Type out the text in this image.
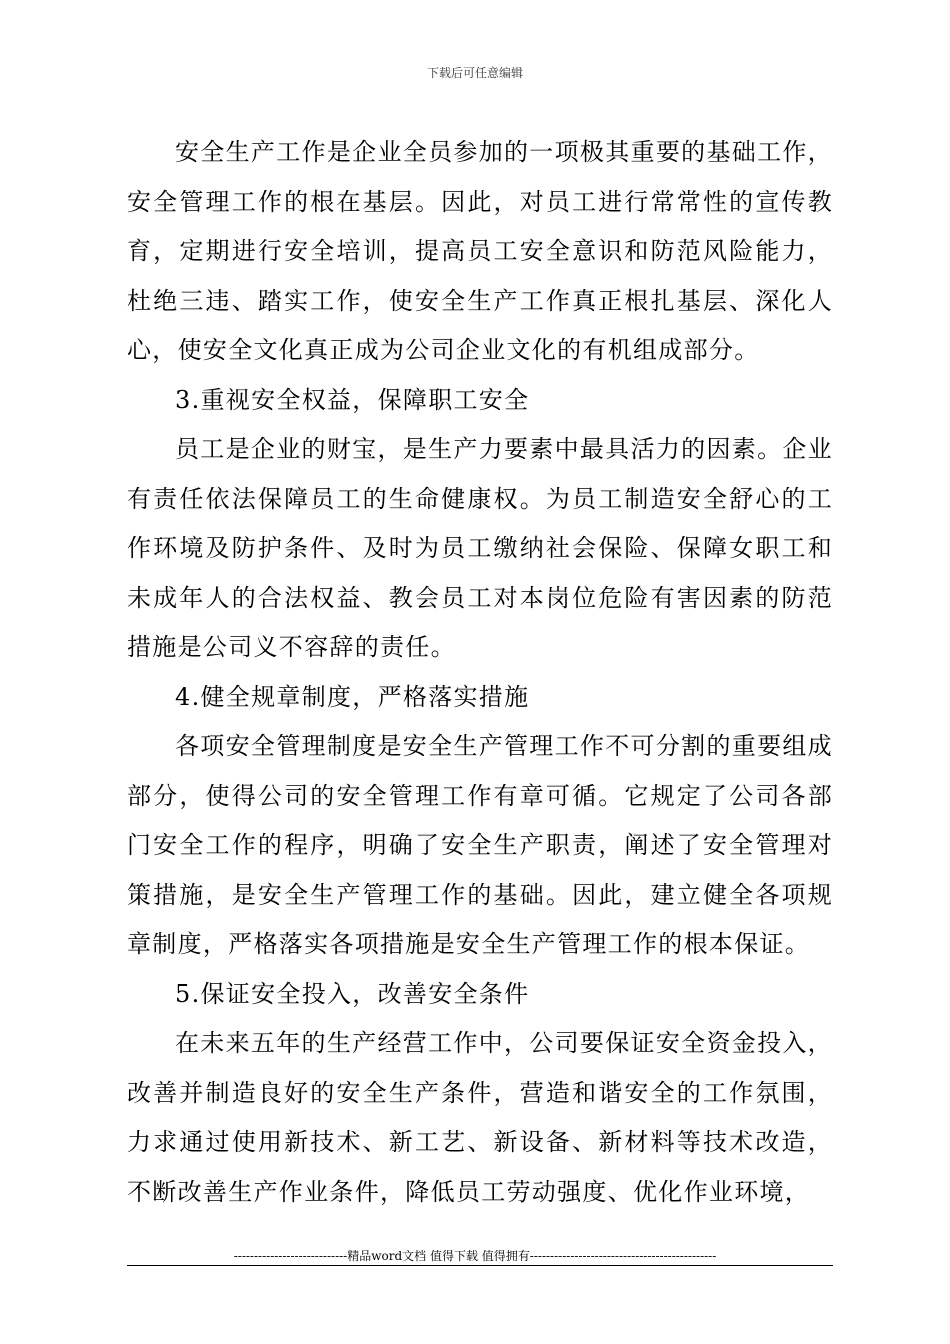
下载后可任意编辑

安全生产工作是企业全员参加的一项极其重要的基础工作，安全管理工作的根在基层。因此，对员工进行常常性的宣传教育，定期进行安全培训，提高员工安全意识和防范风险能力，杜绝三违、踏实工作，使安全生产工作真正根扎基层、深化人心，使安全文化真正成为公司企业文化的有机组成部分。

3.重视安全权益，保障职工安全

员工是企业的财宝，是生产力要素中最具活力的因素。企业有责任依法保障员工的生命健康权。为员工制造安全舒心的工作环境及防护条件、及时为员工缴纳社会保险、保障女职工和未成年人的合法权益、教会员工对本岗位危险有害因素的防范措施是公司义不容辞的责任。

4.健全规章制度，严格落实措施

各项安全管理制度是安全生产管理工作不可分割的重要组成部分，使得公司的安全管理工作有章可循。它规定了公司各部门安全工作的程序，明确了安全生产职责，阐述了安全管理对策措施，是安全生产管理工作的基础。因此，建立健全各项规章制度，严格落实各项措施是安全生产管理工作的根本保证。

5.保证安全投入，改善安全条件

在未来五年的生产经营工作中，公司要保证安全资金投入，改善并制造良好的安全生产条件，营造和谐安全的工作氛围，力求通过使用新技术、新工艺、新设备、新材料等技术改造，不断改善生产作业条件，降低员工劳动强度、优化作业环境，

----------------------------精品word文档 值得下载 值得拥有----------------------------------------------
